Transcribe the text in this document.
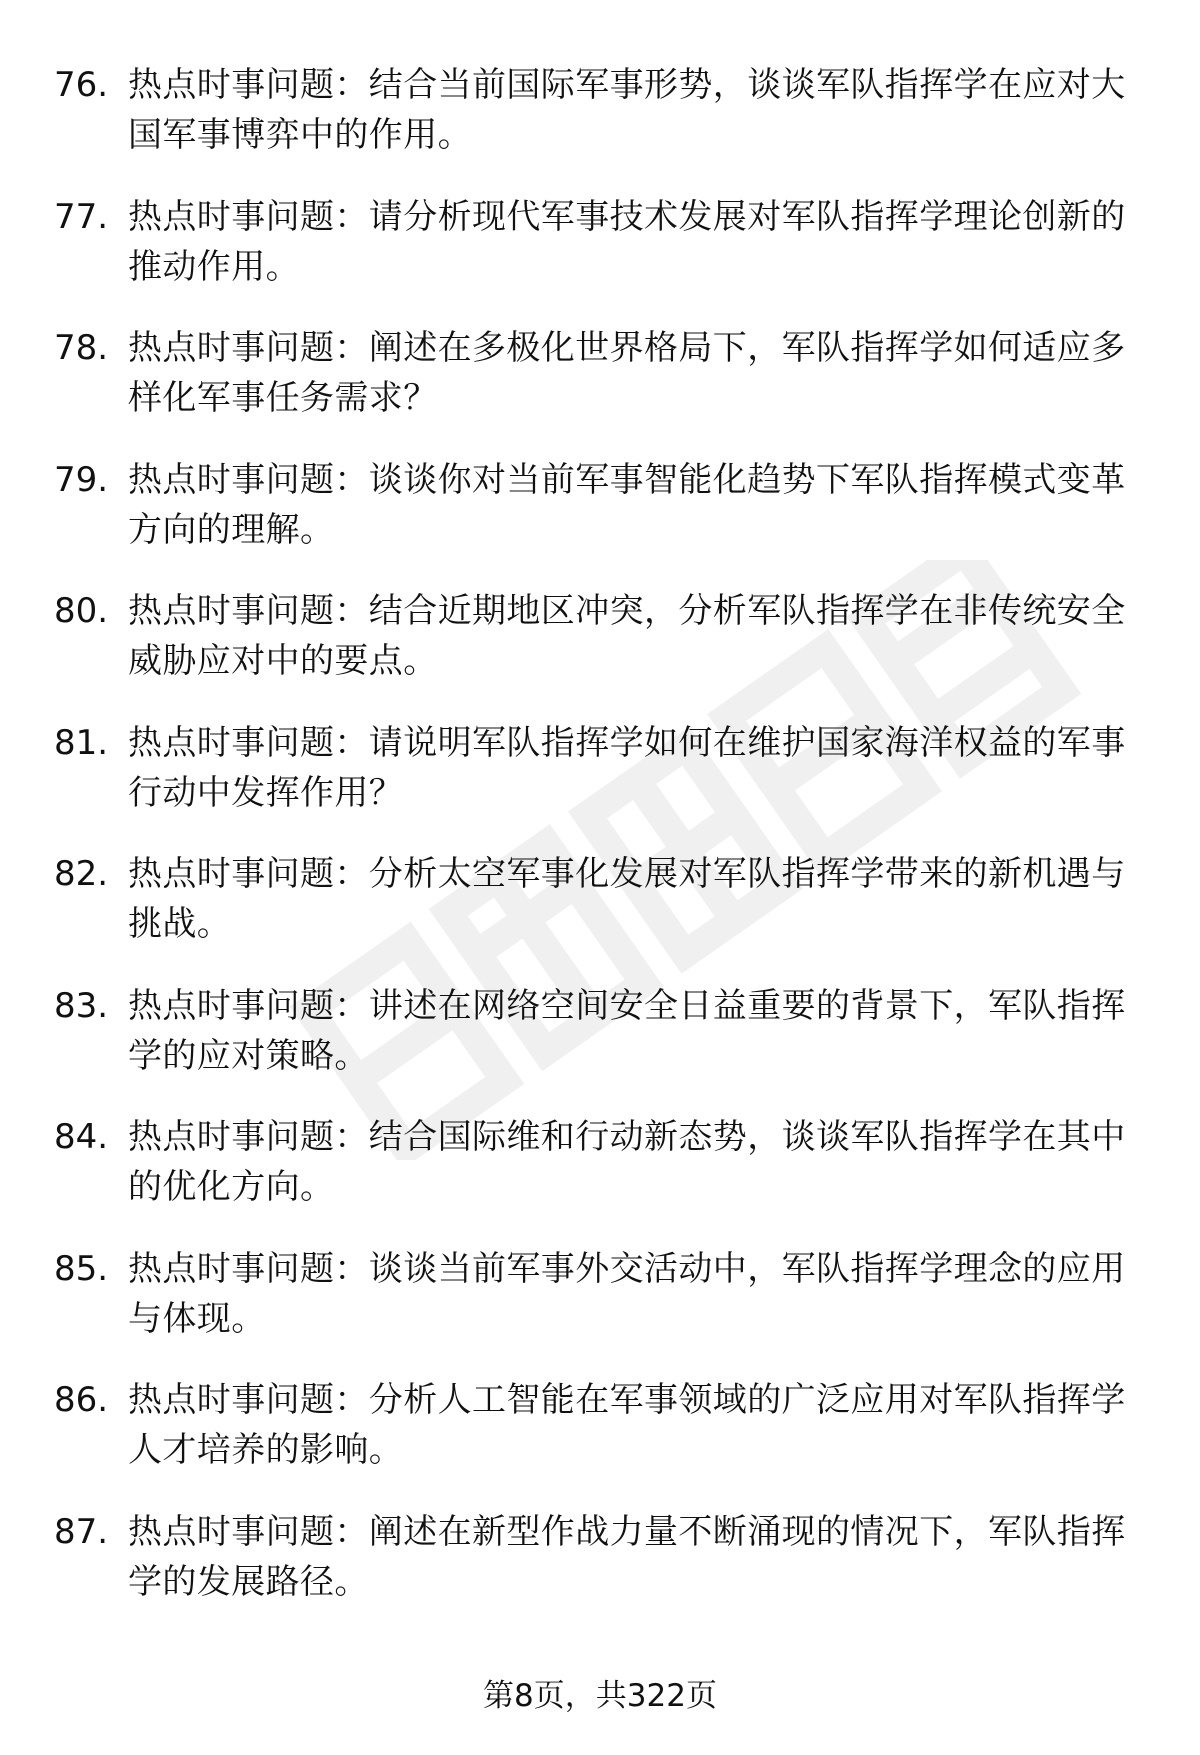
76. 热点时事问题：结合当前国际军事形势，谈谈军队指挥学在应对大国军事博弈中的作用。
77. 热点时事问题：请分析现代军事技术发展对军队指挥学理论创新的推动作用。
78. 热点时事问题：阐述在多极化世界格局下，军队指挥学如何适应多样化军事任务需求？
79. 热点时事问题：谈谈你对当前军事智能化趋势下军队指挥模式变革方向的理解。
80. 热点时事问题：结合近期地区冲突，分析军队指挥学在非传统安全威胁应对中的要点。
81. 热点时事问题：请说明军队指挥学如何在维护国家海洋权益的军事行动中发挥作用？
82. 热点时事问题：分析太空军事化发展对军队指挥学带来的新机遇与挑战。
83. 热点时事问题：讲述在网络空间安全日益重要的背景下，军队指挥学的应对策略。
84. 热点时事问题：结合国际维和行动新态势，谈谈军队指挥学在其中的优化方向。
85. 热点时事问题：谈谈当前军事外交活动中，军队指挥学理念的应用与体现。
86. 热点时事问题：分析人工智能在军事领域的广泛应用对军队指挥学人才培养的影响。
87. 热点时事问题：阐述在新型作战力量不断涌现的情况下，军队指挥学的发展路径。
第8页，共322页
